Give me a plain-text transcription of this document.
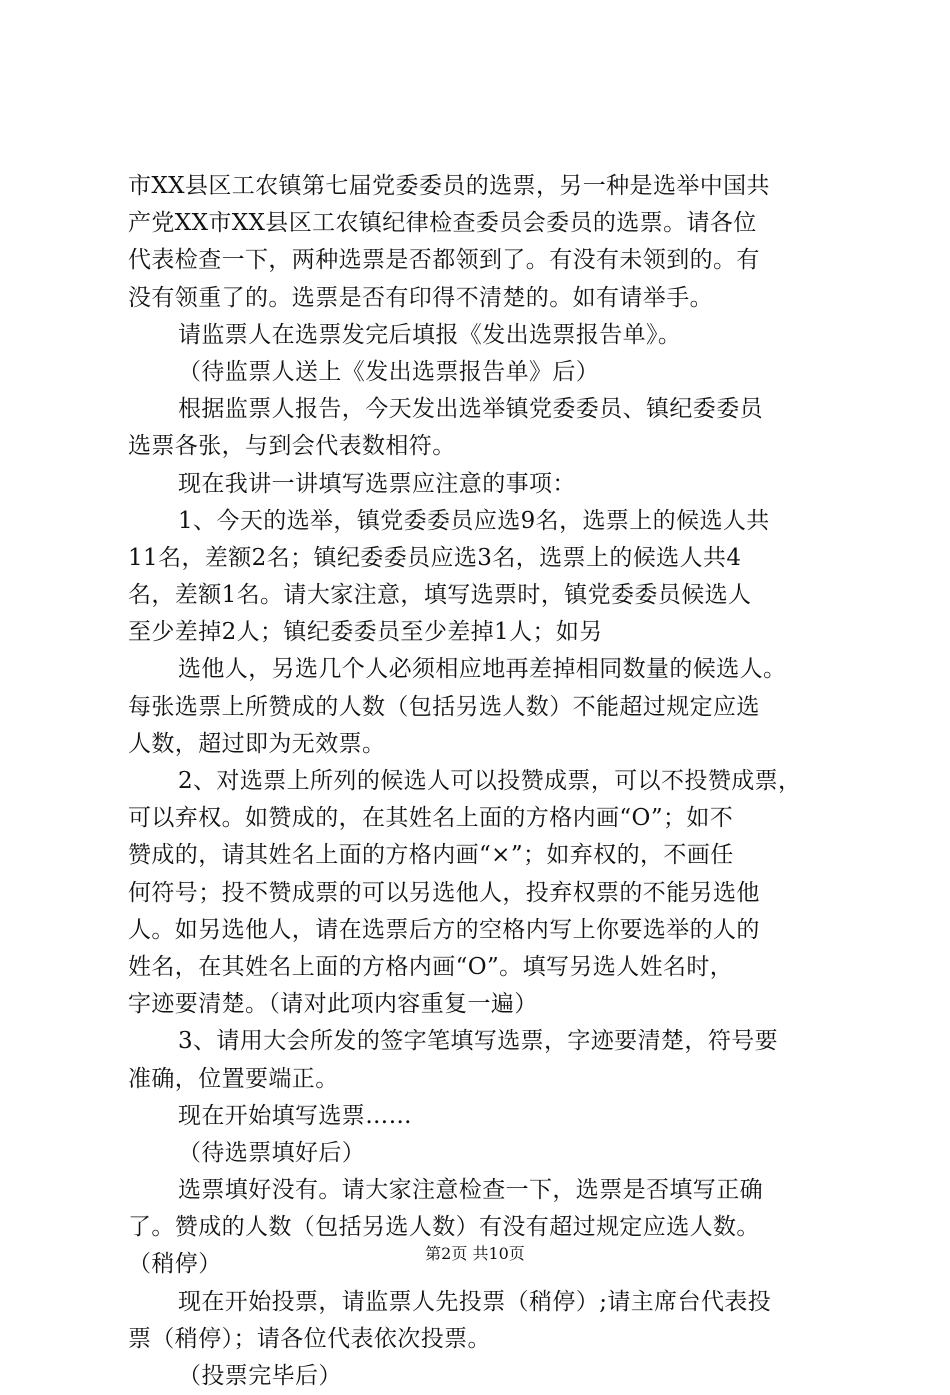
市XX县区工农镇第七届党委委员的选票，另一种是选举中国共
产党XX市XX县区工农镇纪律检查委员会委员的选票。请各位
代表检查一下，两种选票是否都领到了。有没有未领到的。有
没有领重了的。选票是否有印得不清楚的。如有请举手。
请监票人在选票发完后填报《发出选票报告单》。
（待监票人送上《发出选票报告单》后）
根据监票人报告，今天发出选举镇党委委员、镇纪委委员
选票各张，与到会代表数相符。
现在我讲一讲填写选票应注意的事项：
1、今天的选举，镇党委委员应选9名，选票上的候选人共
11名，差额2名；镇纪委委员应选3名，选票上的候选人共4
名，差额1名。请大家注意，填写选票时，镇党委委员候选人
至少差掉2人；镇纪委委员至少差掉1人；如另
选他人，另选几个人必须相应地再差掉相同数量的候选人。
每张选票上所赞成的人数（包括另选人数）不能超过规定应选
人数，超过即为无效票。
2、对选票上所列的候选人可以投赞成票，可以不投赞成票，
可以弃权。如赞成的，在其姓名上面的方格内画“O”；如不
赞成的，请其姓名上面的方格内画“×”；如弃权的，不画任
何符号；投不赞成票的可以另选他人，投弃权票的不能另选他
人。如另选他人，请在选票后方的空格内写上你要选举的人的
姓名，在其姓名上面的方格内画“O”。填写另选人姓名时，
字迹要清楚。（请对此项内容重复一遍）
3、请用大会所发的签字笔填写选票，字迹要清楚，符号要
准确，位置要端正。
现在开始填写选票……
（待选票填好后）
选票填好没有。请大家注意检查一下，选票是否填写正确
了。赞成的人数（包括另选人数）有没有超过规定应选人数。
（稍停）
现在开始投票，请监票人先投票（稍停）;请主席台代表投
票（稍停）；请各位代表依次投票。
（投票完毕后）
第2页 共10页
